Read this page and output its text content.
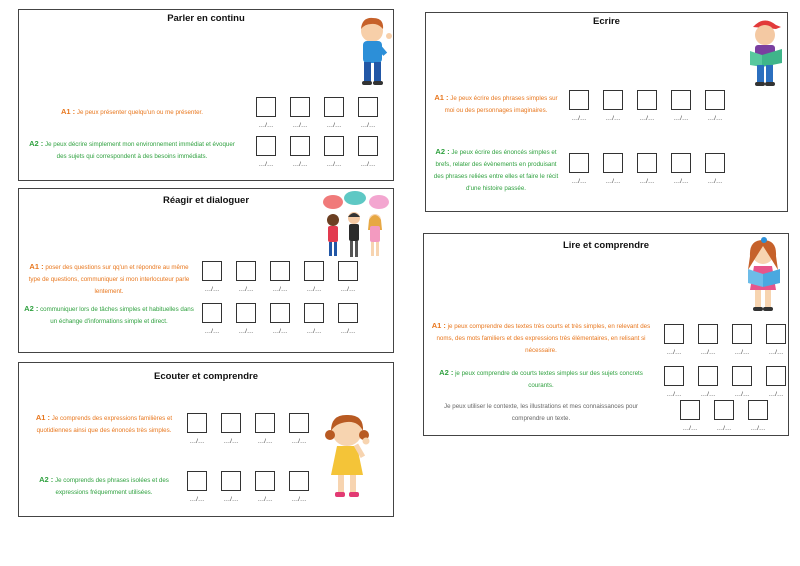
Parler en continu
A1 : Je peux présenter quelqu'un ou me présenter.
…/…	…/…	…/…	…/…
A2 : Je peux décrire simplement mon environnement immédiat et évoquer des sujets qui correspondent à des besoins immédiats.
…/…	…/…	…/…	…/…
Réagir et dialoguer
A1 : poser des questions sur qq'un et répondre au même type de questions, communiquer si mon interlocuteur parle lentement.	…/…	…/…	…/…	…/…	…/…
A2 : communiquer lors de tâches simples et habituelles dans un échange d'informations simple et direct.
…/…	…/…	…/…	…/…	…/…
Ecouter et comprendre
A1 : Je comprends des expressions familières et quotidiennes ainsi que des énoncés très simples.
…/…	…/…	…/…	…/…
A2 : Je comprends des phrases isolées et des expressions fréquemment utilisées.
…/…	…/…	…/…	…/…
Ecrire
A1 : Je peux écrire des phrases simples sur moi ou des personnages imaginaires.
…/…	…/…	…/…	…/…	…/…
A2 : Je peux écrire des énoncés simples et brefs, relater des évènements en produisant des phrases reliées entre elles et faire le récit d'une histoire passée.
…/…	…/…	…/…	…/…	…/…
Lire et comprendre
A1 : je peux comprendre des textes très courts et très simples, en relevant des noms, des mots familiers et des expressions très élémentaires, en relisant si nécessaire.	…/…	…/…	…/…	…/…
A2 : je peux comprendre de courts textes simples sur des sujets concrets courants.
…/…	…/…	…/…	…/…
Je peux utiliser le contexte, les illustrations et mes connaissances pour comprendre un texte.
…/…	…/…	…/…
